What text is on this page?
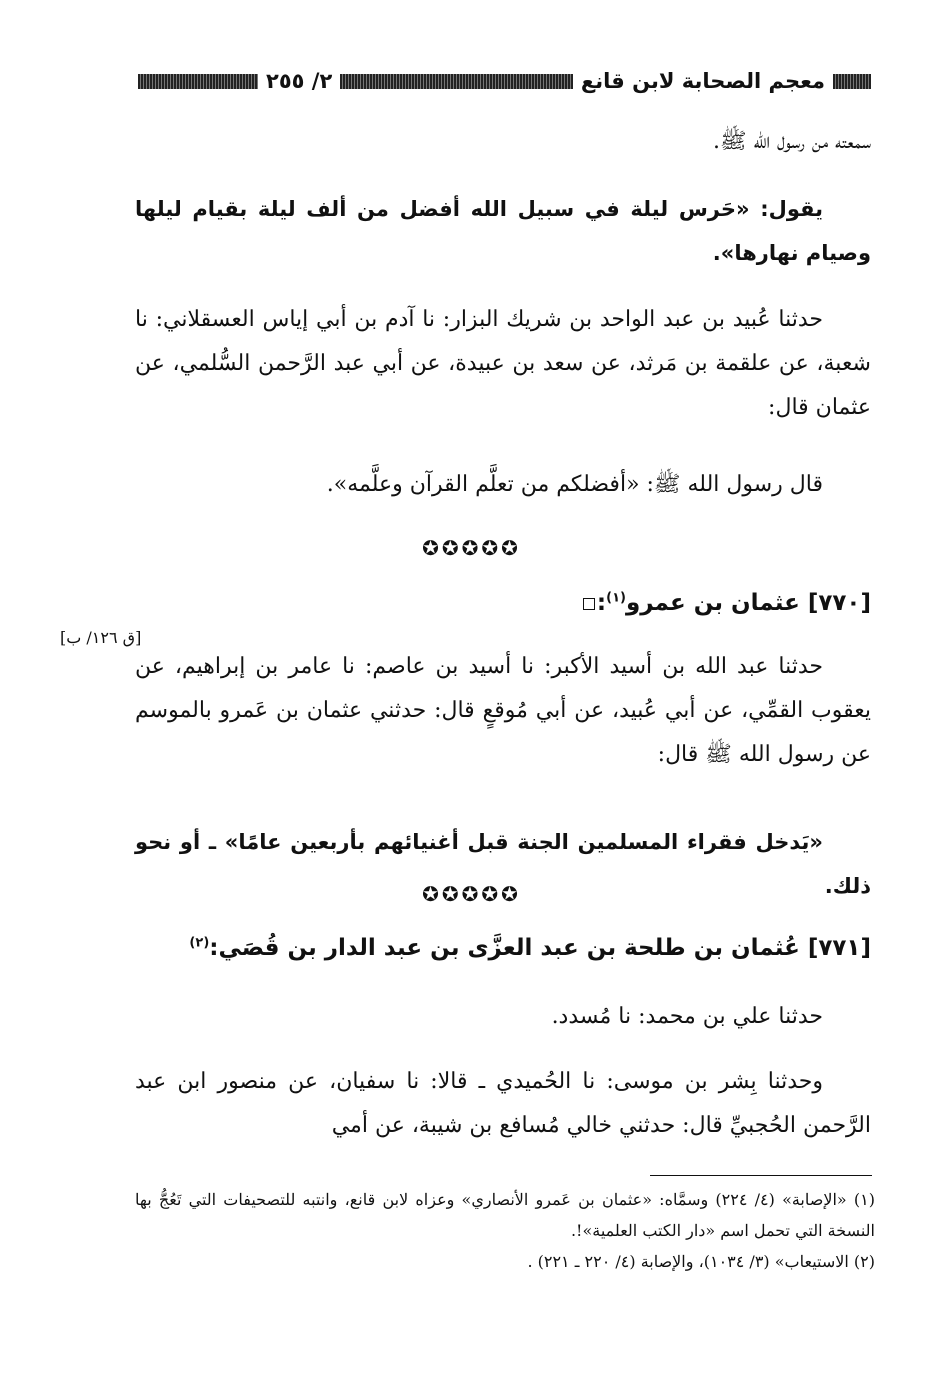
معجم الصحابة لابن قانع
٢/ ٢٥٥
سمعته من رسول الله ﷺ.
يقول: «حَرس ليلة في سبيل الله أفضل من ألف ليلة بقيام ليلها وصيام نهارها».
حدثنا عُبيد بن عبد الواحد بن شريك البزار: نا آدم بن أبي إياس العسقلاني: نا شعبة، عن علقمة بن مَرثد، عن سعد بن عبيدة، عن أبي عبد الرَّحمن السُّلمي، عن عثمان قال:
قال رسول الله ﷺ: «أفضلكم من تعلَّم القرآن وعلَّمه».
✪✪✪✪✪
[٧٧٠] عثمان بن عمرو$^{(١)}$:
[ق ١٢٦/ ب]
حدثنا عبد الله بن أسيد الأكبر: نا أسيد بن عاصم: نا عامر بن إبراهيم، عن يعقوب القمِّي، عن أبي عُبيد، عن أبي مُوقعٍ قال: حدثني عثمان بن عَمرو بالموسم عن رسول الله ﷺ قال:
«يَدخل فقراء المسلمين الجنة قبل أغنيائهم بأربعين عامًا» ـ أو نحو ذلك.
✪✪✪✪✪
[٧٧١] عُثمان بن طلحة بن عبد العزَّى بن عبد الدار بن قُصَي:$^{(٢)}$
حدثنا علي بن محمد: نا مُسدد.
وحدثنا بِشر بن موسى: نا الحُميدي ـ قالا: نا سفيان، عن منصور ابن عبد الرَّحمن الحُجبيِّ قال: حدثني خالي مُسافع بن شيبة، عن أمي
(١) «الإصابة» (٤/ ٢٢٤) وسمَّاه: «عثمان بن عَمرو الأنصاري» وعزاه لابن قانع، وانتبه للتصحيفات التي تَعُجُّ بها النسخة التي تحمل اسم «دار الكتب العلمية»!.
(٢) الاستيعاب» (٣/ ١٠٣٤)، والإصابة (٤/ ٢٢٠ ـ ٢٢١) .
